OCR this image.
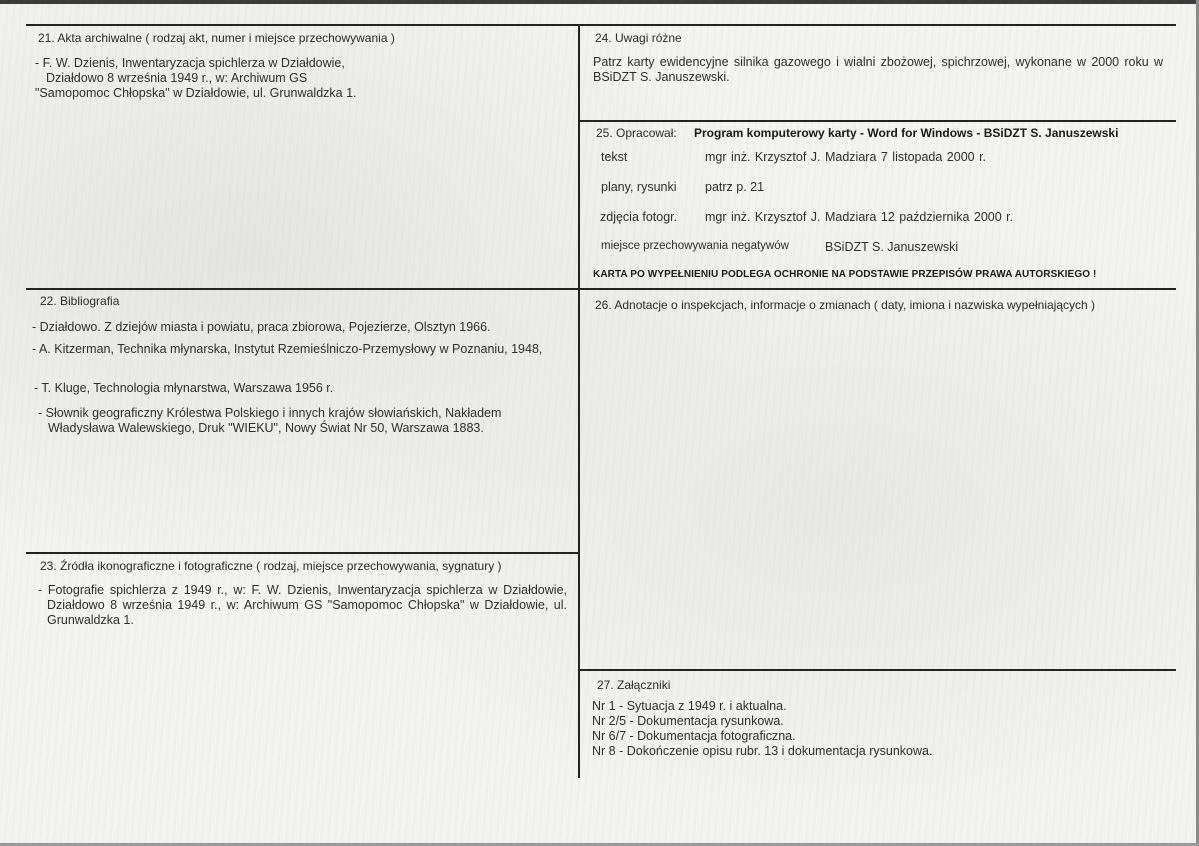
21. Akta archiwalne ( rodzaj akt, numer i miejsce przechowywania )
- F. W. Dzienis, Inwentaryzacja spichlerza w Działdowie,
Działdowo 8 września 1949 r., w: Archiwum GS
"Samopomoc Chłopska" w Działdowie, ul. Grunwaldzka 1.
22. Bibliografia
- Działdowo. Z dziejów miasta i powiatu, praca zbiorowa, Pojezierze, Olsztyn 1966.
- A. Kitzerman, Technika młynarska, Instytut Rzemieślniczo-Przemysłowy w Poznaniu, 1948,
- T. Kluge, Technologia młynarstwa, Warszawa 1956 r.
- Słownik geograficzny Królestwa Polskiego i innych krajów słowiańskich, Nakładem Władysława Walewskiego, Druk "WIEKU", Nowy Świat Nr 50, Warszawa 1883.
23. Źródła ikonograficzne i fotograficzne ( rodzaj, miejsce przechowywania, sygnatury )
- Fotografie spichlerza z 1949 r., w: F. W. Dzienis, Inwentaryzacja spichlerza w Działdowie, Działdowo 8 września 1949 r., w: Archiwum GS "Samopomoc Chłopska" w Działdowie, ul. Grunwaldzka 1.
24. Uwagi różne
Patrz karty ewidencyjne silnika gazowego i wialni zbożowej, spichrzowej, wykonane w 2000 roku w BSiDZT S. Januszewski.
25. Opracował: Program komputerowy karty - Word for Windows - BSiDZT S. Januszewski
tekst	mgr inż. Krzysztof J. Madziara 7 listopada 2000 r.
plany, rysunki patrz p. 21
zdjęcia fotogr. mgr inż. Krzysztof J. Madziara 12 października 2000 r.
miejsce przechowywania negatywów	BSiDZT S. Januszewski
KARTA PO WYPEŁNIENIU PODLEGA OCHRONIE NA PODSTAWIE PRZEPISÓW PRAWA AUTORSKIEGO !
26. Adnotacje o inspekcjach, informacje o zmianach ( daty, imiona i nazwiska wypełniających )
27. Załączniki
Nr 1 - Sytuacja z 1949 r. i aktualna.
Nr 2/5 - Dokumentacja rysunkowa.
Nr 6/7 - Dokumentacja fotograficzna.
Nr 8 - Dokończenie opisu rubr. 13 i dokumentacja rysunkowa.
